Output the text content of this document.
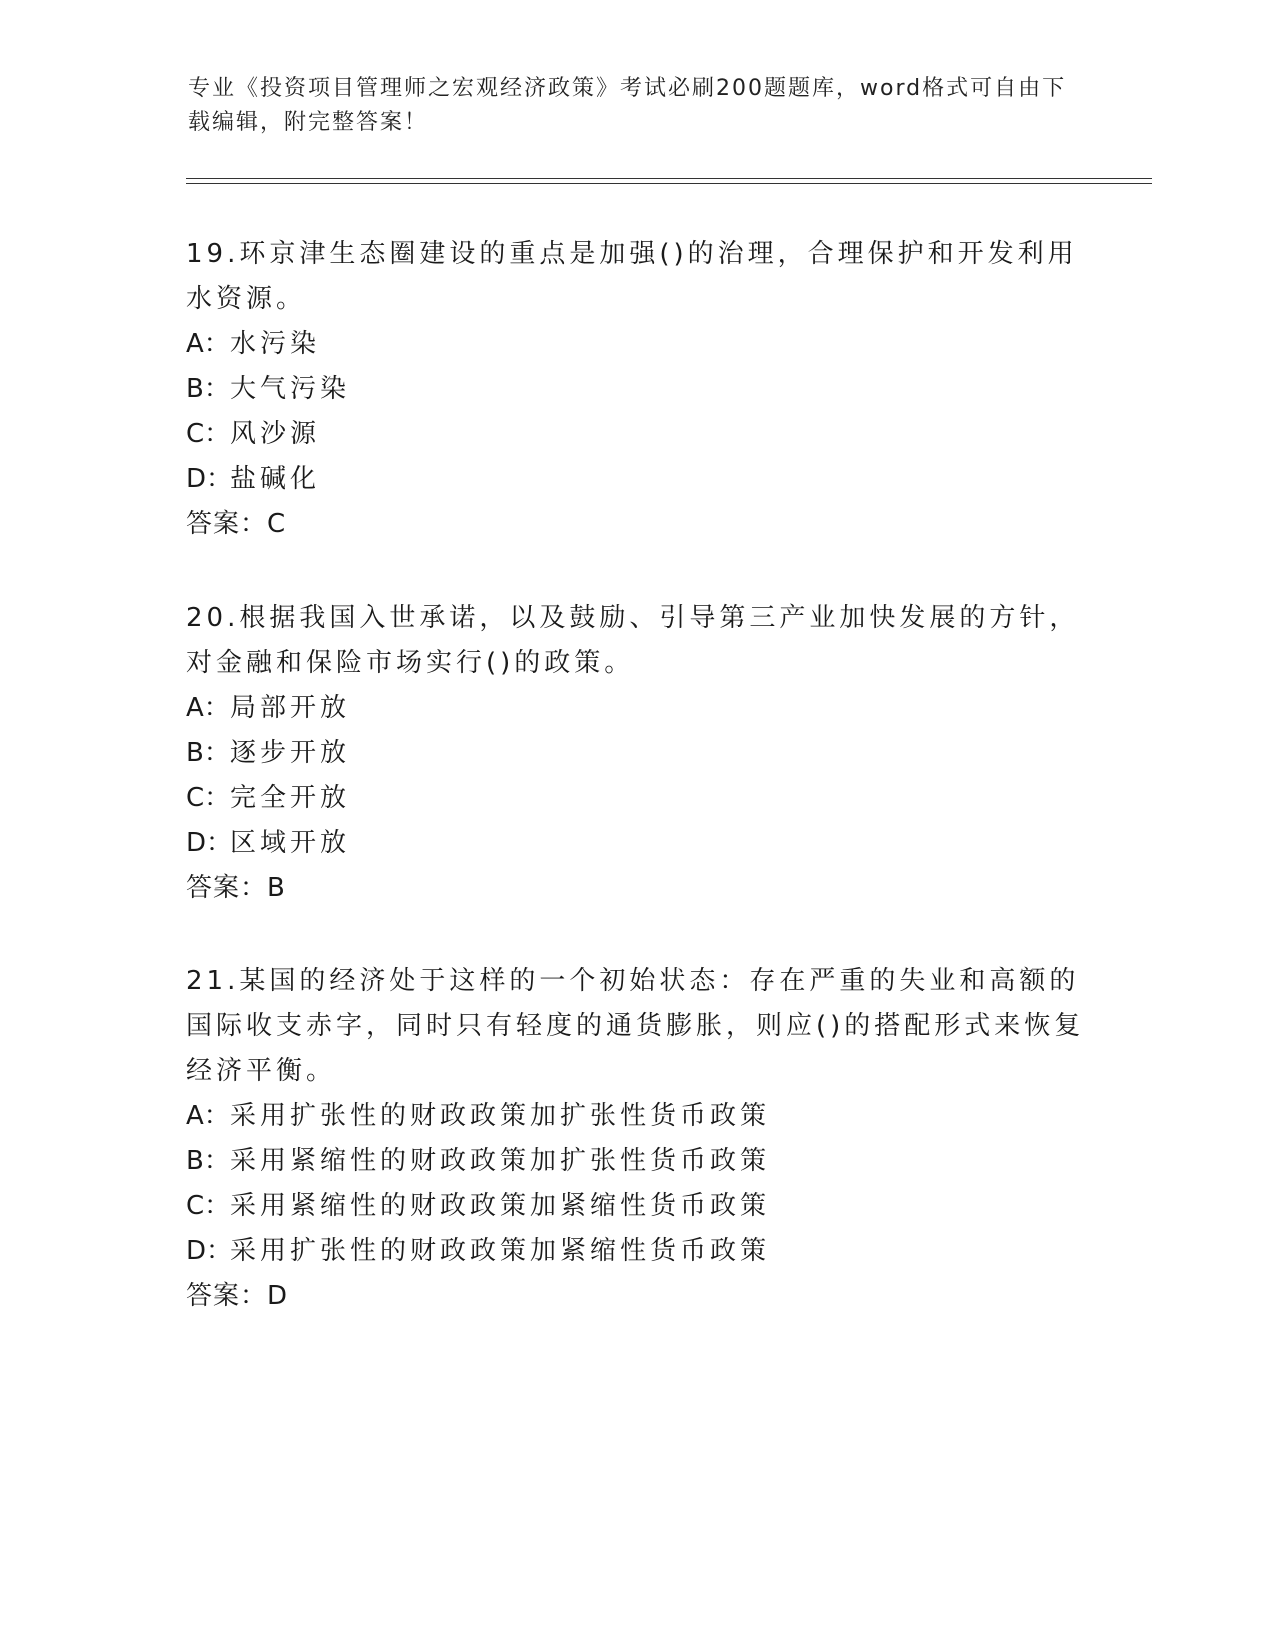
专业《投资项目管理师之宏观经济政策》考试必刷200题题库，word格式可自由下载编辑，附完整答案！

19.环京津生态圈建设的重点是加强()的治理，合理保护和开发利用水资源。

A：水污染

B：大气污染

C：风沙源

D：盐碱化

答案：C

20.根据我国入世承诺，以及鼓励、引导第三产业加快发展的方针，对金融和保险市场实行()的政策。

A：局部开放

B：逐步开放

C：完全开放

D：区域开放

答案：B

21.某国的经济处于这样的一个初始状态：存在严重的失业和高额的国际收支赤字，同时只有轻度的通货膨胀，则应()的搭配形式来恢复经济平衡。

A：采用扩张性的财政政策加扩张性货币政策

B：采用紧缩性的财政政策加扩张性货币政策

C：采用紧缩性的财政政策加紧缩性货币政策

D：采用扩张性的财政政策加紧缩性货币政策

答案：D
